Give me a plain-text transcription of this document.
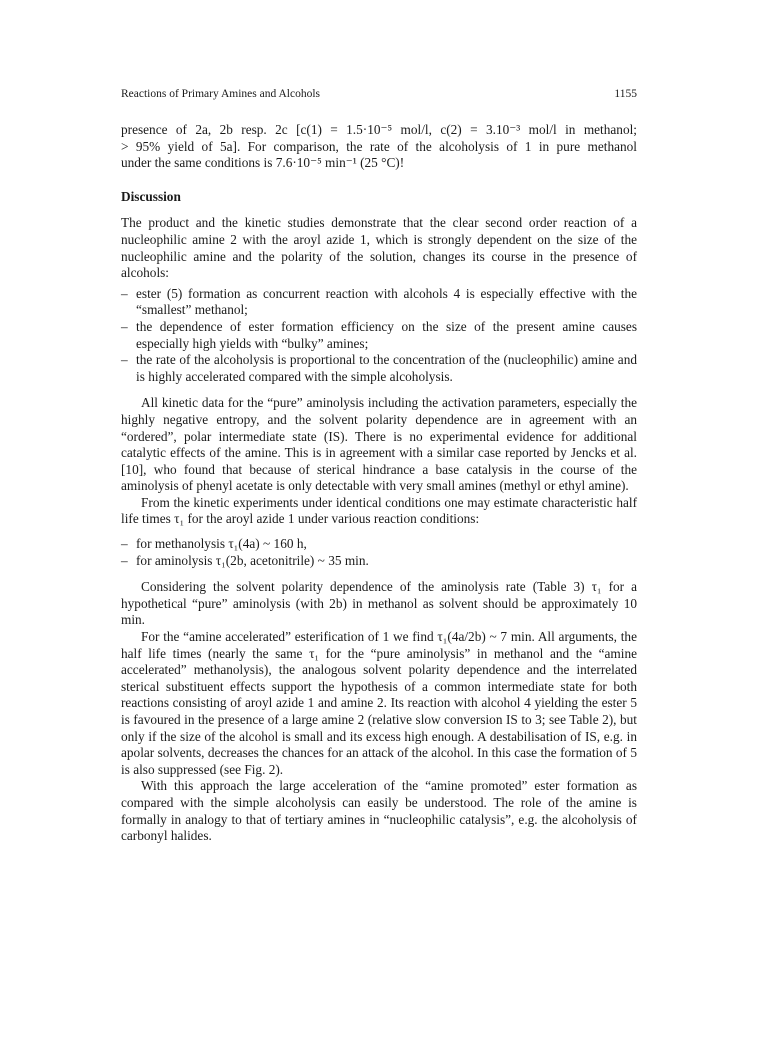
Reactions of Primary Amines and Alcohols	1155

presence of 2a, 2b resp. 2c [c(1) = 1.5·10⁻⁵ mol/l, c(2) = 3.10⁻³ mol/l in methanol;

> 95% yield of 5a]. For comparison, the rate of the alcoholysis of 1 in pure methanol

under the same conditions is 7.6·10⁻⁵ min⁻¹ (25 °C)!

Discussion

The product and the kinetic studies demonstrate that the clear second order reaction of a nucleophilic amine 2 with the aroyl azide 1, which is strongly dependent on the size of the nucleophilic amine and the polarity of the solution, changes its course in the presence of alcohols:

– ester (5) formation as concurrent reaction with alcohols 4 is especially effective with the “smallest” methanol;
– the dependence of ester formation efficiency on the size of the present amine causes especially high yields with “bulky” amines;
– the rate of the alcoholysis is proportional to the concentration of the (nucleophilic) amine and is highly accelerated compared with the simple alcoholysis.

All kinetic data for the “pure” aminolysis including the activation parameters, especially the highly negative entropy, and the solvent polarity dependence are in agreement with an “ordered”, polar intermediate state (IS). There is no experimental evidence for additional catalytic effects of the amine. This is in agreement with a similar case reported by Jencks et al. [10], who found that because of sterical hindrance a base catalysis in the course of the aminolysis of phenyl acetate is only detectable with very small amines (methyl or ethyl amine).

From the kinetic experiments under identical conditions one may estimate characteristic half life times τ₁ for the aroyl azide 1 under various reaction conditions:

– for methanolysis τ₁(4a) ~ 160 h,
– for aminolysis τ₁(2b, acetonitrile) ~ 35 min.

Considering the solvent polarity dependence of the aminolysis rate (Table 3) τ₁ for a hypothetical “pure” aminolysis (with 2b) in methanol as solvent should be approximately 10 min.

For the “amine accelerated” esterification of 1 we find τ₁(4a/2b) ~ 7 min. All arguments, the half life times (nearly the same τ₁ for the “pure aminolysis” in methanol and the “amine accelerated” methanolysis), the analogous solvent polarity dependence and the interrelated sterical substituent effects support the hypothesis of a common intermediate state for both reactions consisting of aroyl azide 1 and amine 2. Its reaction with alcohol 4 yielding the ester 5 is favoured in the presence of a large amine 2 (relative slow conversion IS to 3; see Table 2), but only if the size of the alcohol is small and its excess high enough. A destabilisation of IS, e.g. in apolar solvents, decreases the chances for an attack of the alcohol. In this case the formation of 5 is also suppressed (see Fig. 2).

With this approach the large acceleration of the “amine promoted” ester formation as compared with the simple alcoholysis can easily be understood. The role of the amine is formally in analogy to that of tertiary amines in “nucleophilic catalysis”, e.g. the alcoholysis of carbonyl halides.
